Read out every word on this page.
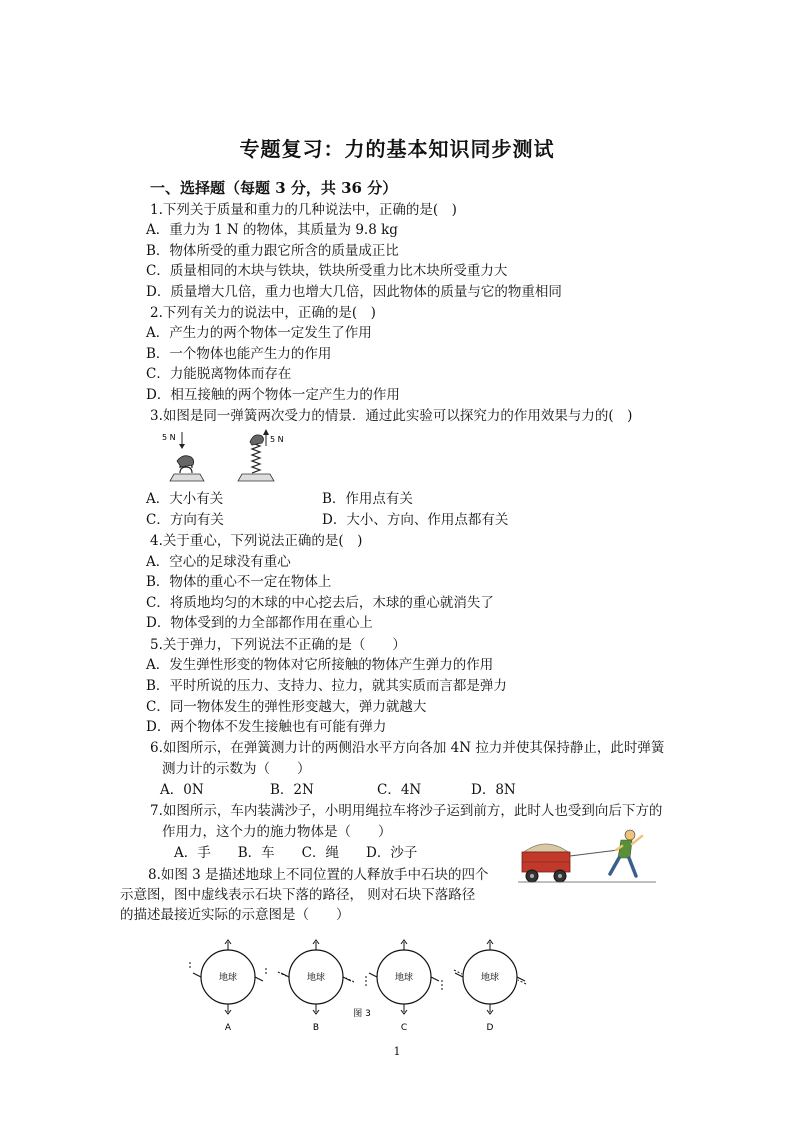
专题复习：力的基本知识同步测试
一、选择题（每题 3 分，共 36 分）
1.下列关于质量和重力的几种说法中，正确的是(　)
A．重力为 1 N 的物体，其质量为 9.8 kg
B．物体所受的重力跟它所含的质量成正比
C．质量相同的木块与铁块，铁块所受重力比木块所受重力大
D．质量增大几倍，重力也增大几倍，因此物体的质量与它的物重相同
2.下列有关力的说法中，正确的是(　)
A．产生力的两个物体一定发生了作用
B．一个物体也能产生力的作用
C．力能脱离物体而存在
D．相互接触的两个物体一定产生力的作用
3.如图是同一弹簧两次受力的情景．通过此实验可以探究力的作用效果与力的(　)
5 N	5 N
A．大小有关	B．作用点有关
C．方向有关	D．大小、方向、作用点都有关
4.关于重心，下列说法正确的是(　)
A．空心的足球没有重心
B．物体的重心不一定在物体上
C．将质地均匀的木球的中心挖去后，木球的重心就消失了
D．物体受到的力全部都作用在重心上
5.关于弹力，下列说法不正确的是（　　）
A．发生弹性形变的物体对它所接触的物体产生弹力的作用
B．平时所说的压力、支持力、拉力，就其实质而言都是弹力
C．同一物体发生的弹性形变越大，弹力就越大
D．两个物体不发生接触也有可能有弹力
6.如图所示，在弹簧测力计的两侧沿水平方向各加 4N 拉力并使其保持静止，此时弹簧
测力计的示数为（　　）
A．0N	B．2N	C．4N	D．8N
7.如图所示，车内装满沙子，小明用绳拉车将沙子运到前方，此时人也受到向后下方的
作用力，这个力的施力物体是（　　）
A．手　　B．车　　C．绳　　D．沙子
8.如图 3 是描述地球上不同位置的人释放手中石块的四个
示意图，图中虚线表示石块下落的路径， 则对石块下落路径
的描述最接近实际的示意图是（　　）
地球	地球	地球	地球
图 3
A	B	C	D
1
